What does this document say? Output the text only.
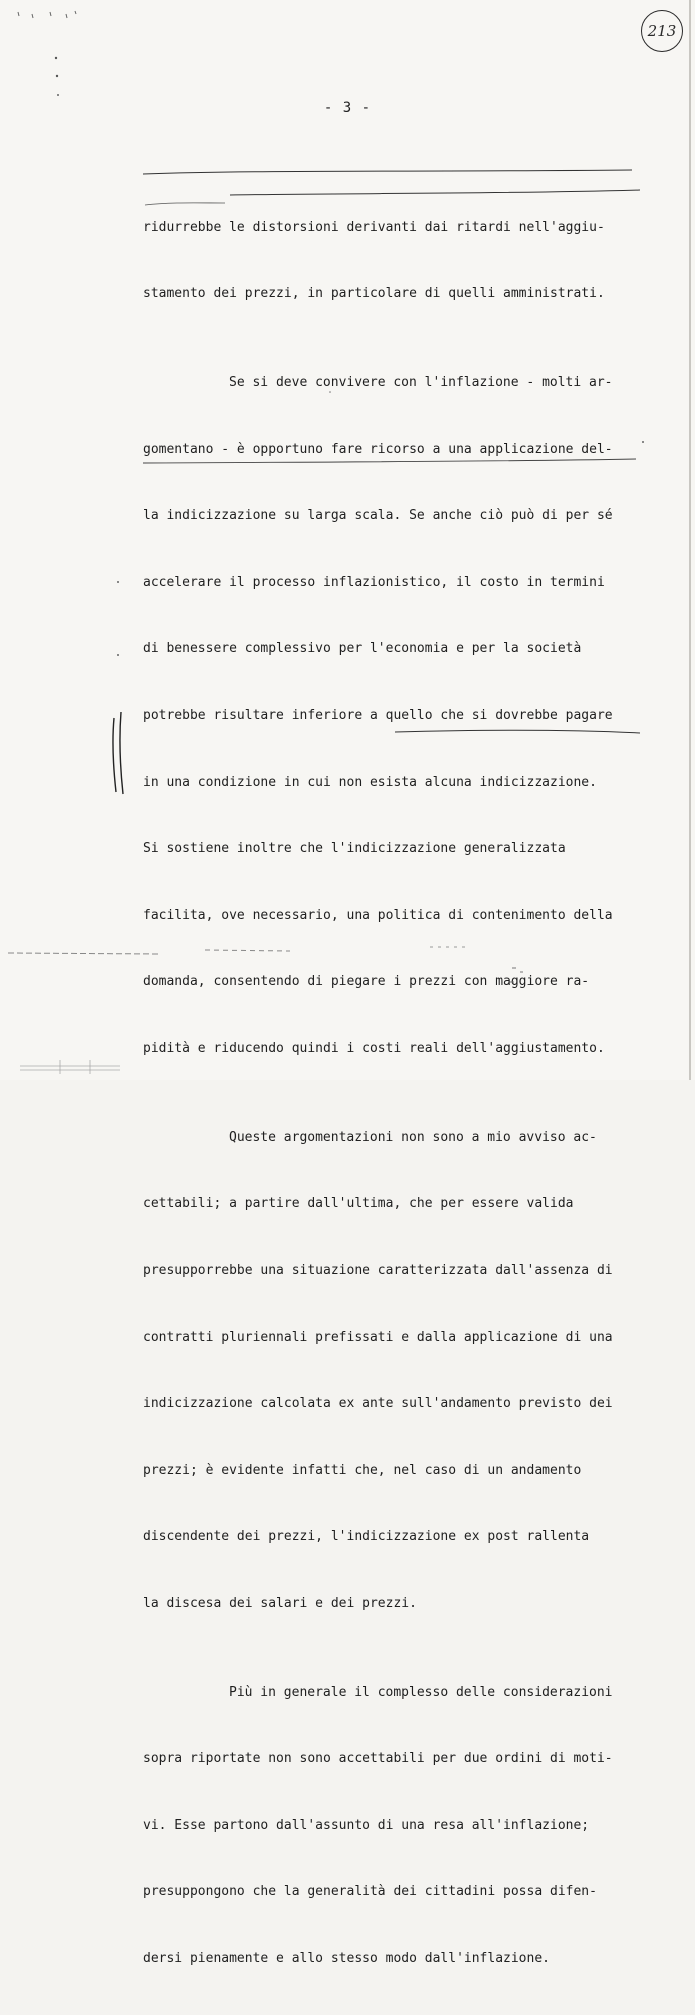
213
- 3 -

ridurrebbe le distorsioni derivanti dai ritardi nell'aggiu-

stamento dei prezzi, in particolare di quelli amministrati.

Se si deve convivere con l'inflazione - molti ar-

gomentano - è opportuno fare ricorso a una applicazione del-

la indicizzazione su larga scala. Se anche ciò può di per sé

accelerare il processo inflazionistico, il costo in termini

di benessere complessivo per l'economia e per la società

potrebbe risultare inferiore a quello che si dovrebbe pagare

in una condizione in cui non esista alcuna indicizzazione.

Si sostiene inoltre che l'indicizzazione generalizzata

facilita, ove necessario, una politica di contenimento della

domanda, consentendo di piegare i prezzi con maggiore ra-

pidità e riducendo quindi i costi reali dell'aggiustamento.

Queste argomentazioni non sono a mio avviso ac-

cettabili; a partire dall'ultima, che per essere valida

presupporrebbe una situazione caratterizzata dall'assenza di

contratti pluriennali prefissati e dalla applicazione di una

indicizzazione calcolata ex ante sull'andamento previsto dei

prezzi; è evidente infatti che, nel caso di un andamento

discendente dei prezzi, l'indicizzazione ex post rallenta

la discesa dei salari e dei prezzi.

Più in generale il complesso delle considerazioni

sopra riportate non sono accettabili per due ordini di moti-

vi. Esse partono dall'assunto di una resa all'inflazione;

presuppongono che la generalità dei cittadini possa difen-

dersi pienamente e allo stesso modo dall'inflazione.
